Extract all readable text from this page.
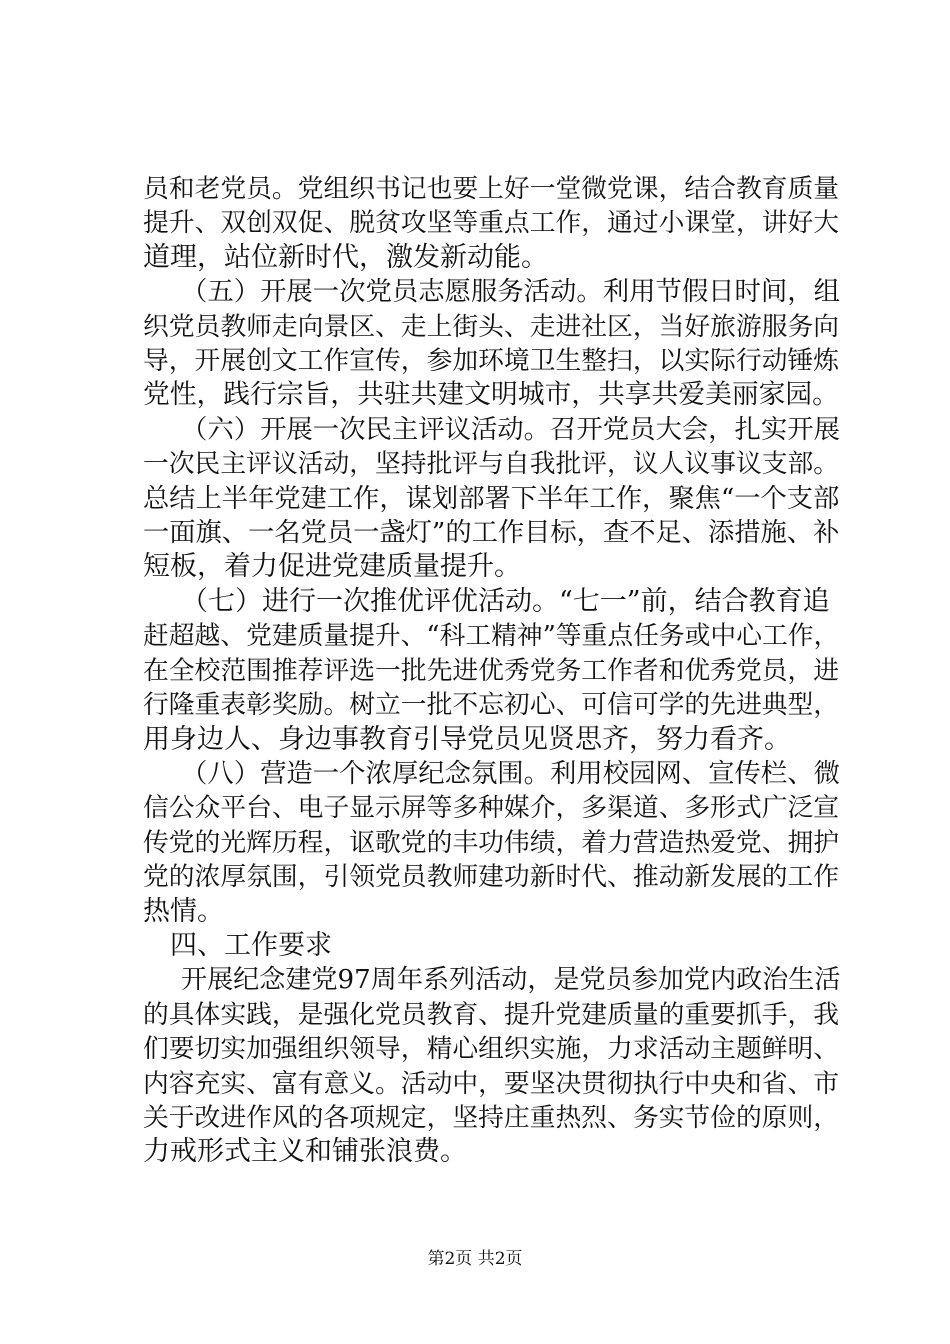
员和老党员。党组织书记也要上好一堂微党课，结合教育质量
提升、双创双促、脱贫攻坚等重点工作，通过小课堂，讲好大
道理，站位新时代，激发新动能。

（五）开展一次党员志愿服务活动。利用节假日时间，组
织党员教师走向景区、走上街头、走进社区，当好旅游服务向
导，开展创文工作宣传，参加环境卫生整扫，以实际行动锤炼
党性，践行宗旨，共驻共建文明城市，共享共爱美丽家园。

（六）开展一次民主评议活动。召开党员大会，扎实开展
一次民主评议活动，坚持批评与自我批评，议人议事议支部。
总结上半年党建工作，谋划部署下半年工作，聚焦“一个支部
一面旗、一名党员一盏灯”的工作目标，查不足、添措施、补
短板，着力促进党建质量提升。

（七）进行一次推优评优活动。“七一”前，结合教育追
赶超越、党建质量提升、“科工精神”等重点任务或中心工作，
在全校范围推荐评选一批先进优秀党务工作者和优秀党员，进
行隆重表彰奖励。树立一批不忘初心、可信可学的先进典型，
用身边人、身边事教育引导党员见贤思齐，努力看齐。

（八）营造一个浓厚纪念氛围。利用校园网、宣传栏、微
信公众平台、电子显示屏等多种媒介，多渠道、多形式广泛宣
传党的光辉历程，讴歌党的丰功伟绩，着力营造热爱党、拥护
党的浓厚氛围，引领党员教师建功新时代、推动新发展的工作
热情。

四、工作要求

开展纪念建党97周年系列活动，是党员参加党内政治生活
的具体实践，是强化党员教育、提升党建质量的重要抓手，我
们要切实加强组织领导，精心组织实施，力求活动主题鲜明、
内容充实、富有意义。活动中，要坚决贯彻执行中央和省、市
关于改进作风的各项规定，坚持庄重热烈、务实节俭的原则，
力戒形式主义和铺张浪费。

第2页 共2页
